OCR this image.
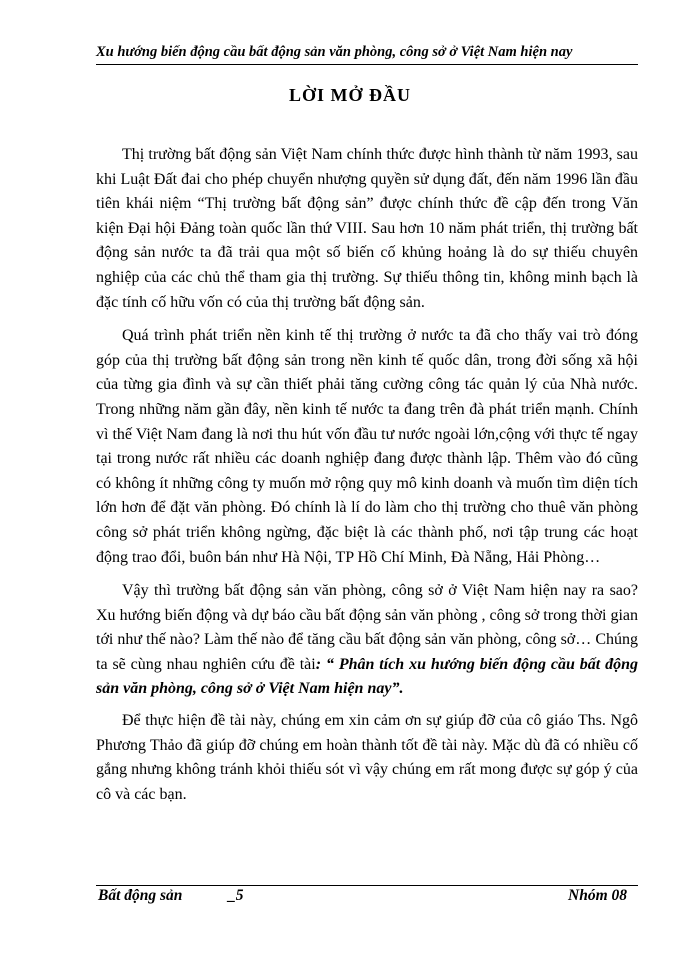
Xu hướng biến động cầu bất động sản văn phòng, công sở ở Việt Nam hiện nay
LỜI MỞ ĐẦU

Thị trường bất động sản Việt Nam chính thức được hình thành từ năm 1993, sau khi Luật Đất đai cho phép chuyển nhượng quyền sử dụng đất, đến năm 1996 lần đầu tiên khái niệm “Thị trường bất động sản” được chính thức đề cập đến trong Văn kiện Đại hội Đảng toàn quốc lần thứ VIII. Sau hơn 10 năm phát triển, thị trường bất động sản nước ta đã trải qua một số biến cố khủng hoảng là do sự thiếu chuyên nghiệp của các chủ thể tham gia thị trường. Sự thiếu thông tin, không minh bạch là đặc tính cố hữu vốn có của thị trường bất động sản.

Quá trình phát triển nền kinh tế thị trường ở nước ta đã cho thấy vai trò đóng góp của thị trường bất động sản trong nền kinh tế quốc dân, trong đời sống xã hội của từng gia đình và sự cần thiết phải tăng cường công tác quản lý của Nhà nước. Trong những năm gần đây, nền kinh tế nước ta đang trên đà phát triển mạnh. Chính vì thế Việt Nam đang là nơi thu hút vốn đầu tư nước ngoài lớn,cộng với thực tế ngay tại trong nước rất nhiều các doanh nghiệp đang được thành lập. Thêm vào đó cũng có không ít những công ty muốn mở rộng quy mô kinh doanh và muốn tìm diện tích lớn hơn để đặt văn phòng. Đó chính là lí do làm cho thị trường cho thuê văn phòng công sở phát triển không ngừng, đặc biệt là các thành phố, nơi tập trung các hoạt động trao đổi, buôn bán như Hà Nội, TP Hồ Chí Minh, Đà Nẵng, Hải Phòng…

Vậy thì trường bất động sản văn phòng, công sở ở Việt Nam hiện nay ra sao? Xu hướng biến động và dự báo cầu bất động sản văn phòng , công sở trong thời gian tới như thế nào? Làm thế nào để tăng cầu bất động sản văn phòng, công sở… Chúng ta sẽ cùng nhau nghiên cứu đề tài: “ Phân tích xu hướng biến động cầu bất động sản văn phòng, công sở ở Việt Nam hiện nay”.

Để thực hiện đề tài này, chúng em xin cảm ơn sự giúp đỡ của cô giáo Ths. Ngô Phương Thảo đã giúp đỡ chúng em hoàn thành tốt đề tài này. Mặc dù đã có nhiều cố gắng nhưng không tránh khỏi thiếu sót vì vậy chúng em rất mong được sự góp ý của cô và các bạn.

Bất động sản	_5	Nhóm 08
